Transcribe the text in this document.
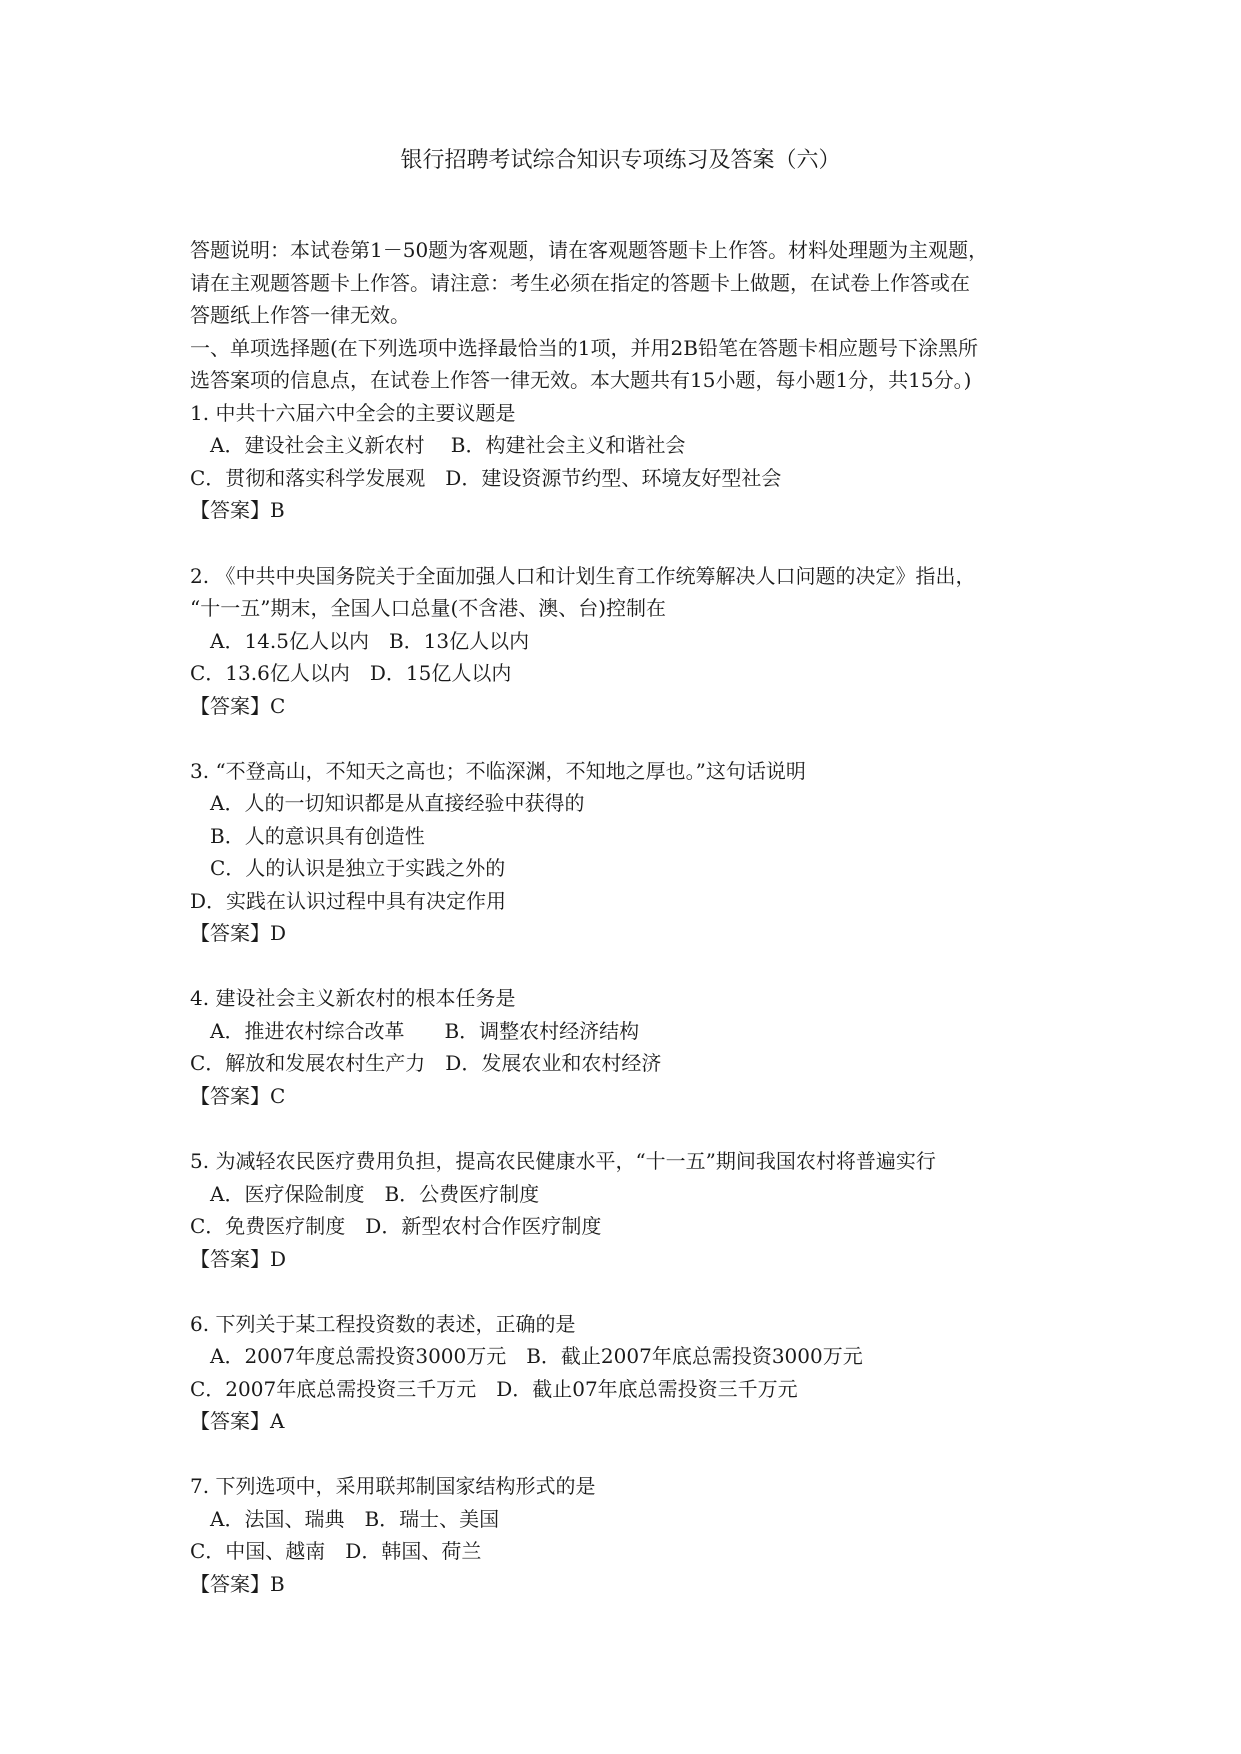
银行招聘考试综合知识专项练习及答案（六）
答题说明：本试卷第1－50题为客观题，请在客观题答题卡上作答。材料处理题为主观题，
请在主观题答题卡上作答。请注意：考生必须在指定的答题卡上做题，在试卷上作答或在
答题纸上作答一律无效。
一、单项选择题(在下列选项中选择最恰当的1项，并用2B铅笔在答题卡相应题号下涂黑所
选答案项的信息点，在试卷上作答一律无效。本大题共有15小题，每小题1分，共15分。)
1. 中共十六届六中全会的主要议题是
A．建设社会主义新农村　 B．构建社会主义和谐社会
C．贯彻和落实科学发展观　D．建设资源节约型、环境友好型社会
【答案】B
2. 《中共中央国务院关于全面加强人口和计划生育工作统筹解决人口问题的决定》指出，
“十一五”期末，全国人口总量(不含港、澳、台)控制在
A．14.5亿人以内　B．13亿人以内
C．13.6亿人以内　D．15亿人以内
【答案】C
3. “不登高山，不知天之高也；不临深渊，不知地之厚也。”这句话说明
A．人的一切知识都是从直接经验中获得的
B．人的意识具有创造性
C．人的认识是独立于实践之外的
D．实践在认识过程中具有决定作用
【答案】D
4. 建设社会主义新农村的根本任务是
A．推进农村综合改革　　B．调整农村经济结构
C．解放和发展农村生产力　D．发展农业和农村经济
【答案】C
5. 为减轻农民医疗费用负担，提高农民健康水平，“十一五”期间我国农村将普遍实行
A．医疗保险制度　B．公费医疗制度
C．免费医疗制度　D．新型农村合作医疗制度
【答案】D
6. 下列关于某工程投资数的表述，正确的是
A．2007年度总需投资3000万元　B．截止2007年底总需投资3000万元
C．2007年底总需投资三千万元　D．截止07年底总需投资三千万元
【答案】A
7. 下列选项中，采用联邦制国家结构形式的是
A．法国、瑞典　B．瑞士、美国
C．中国、越南　D．韩国、荷兰
【答案】B
